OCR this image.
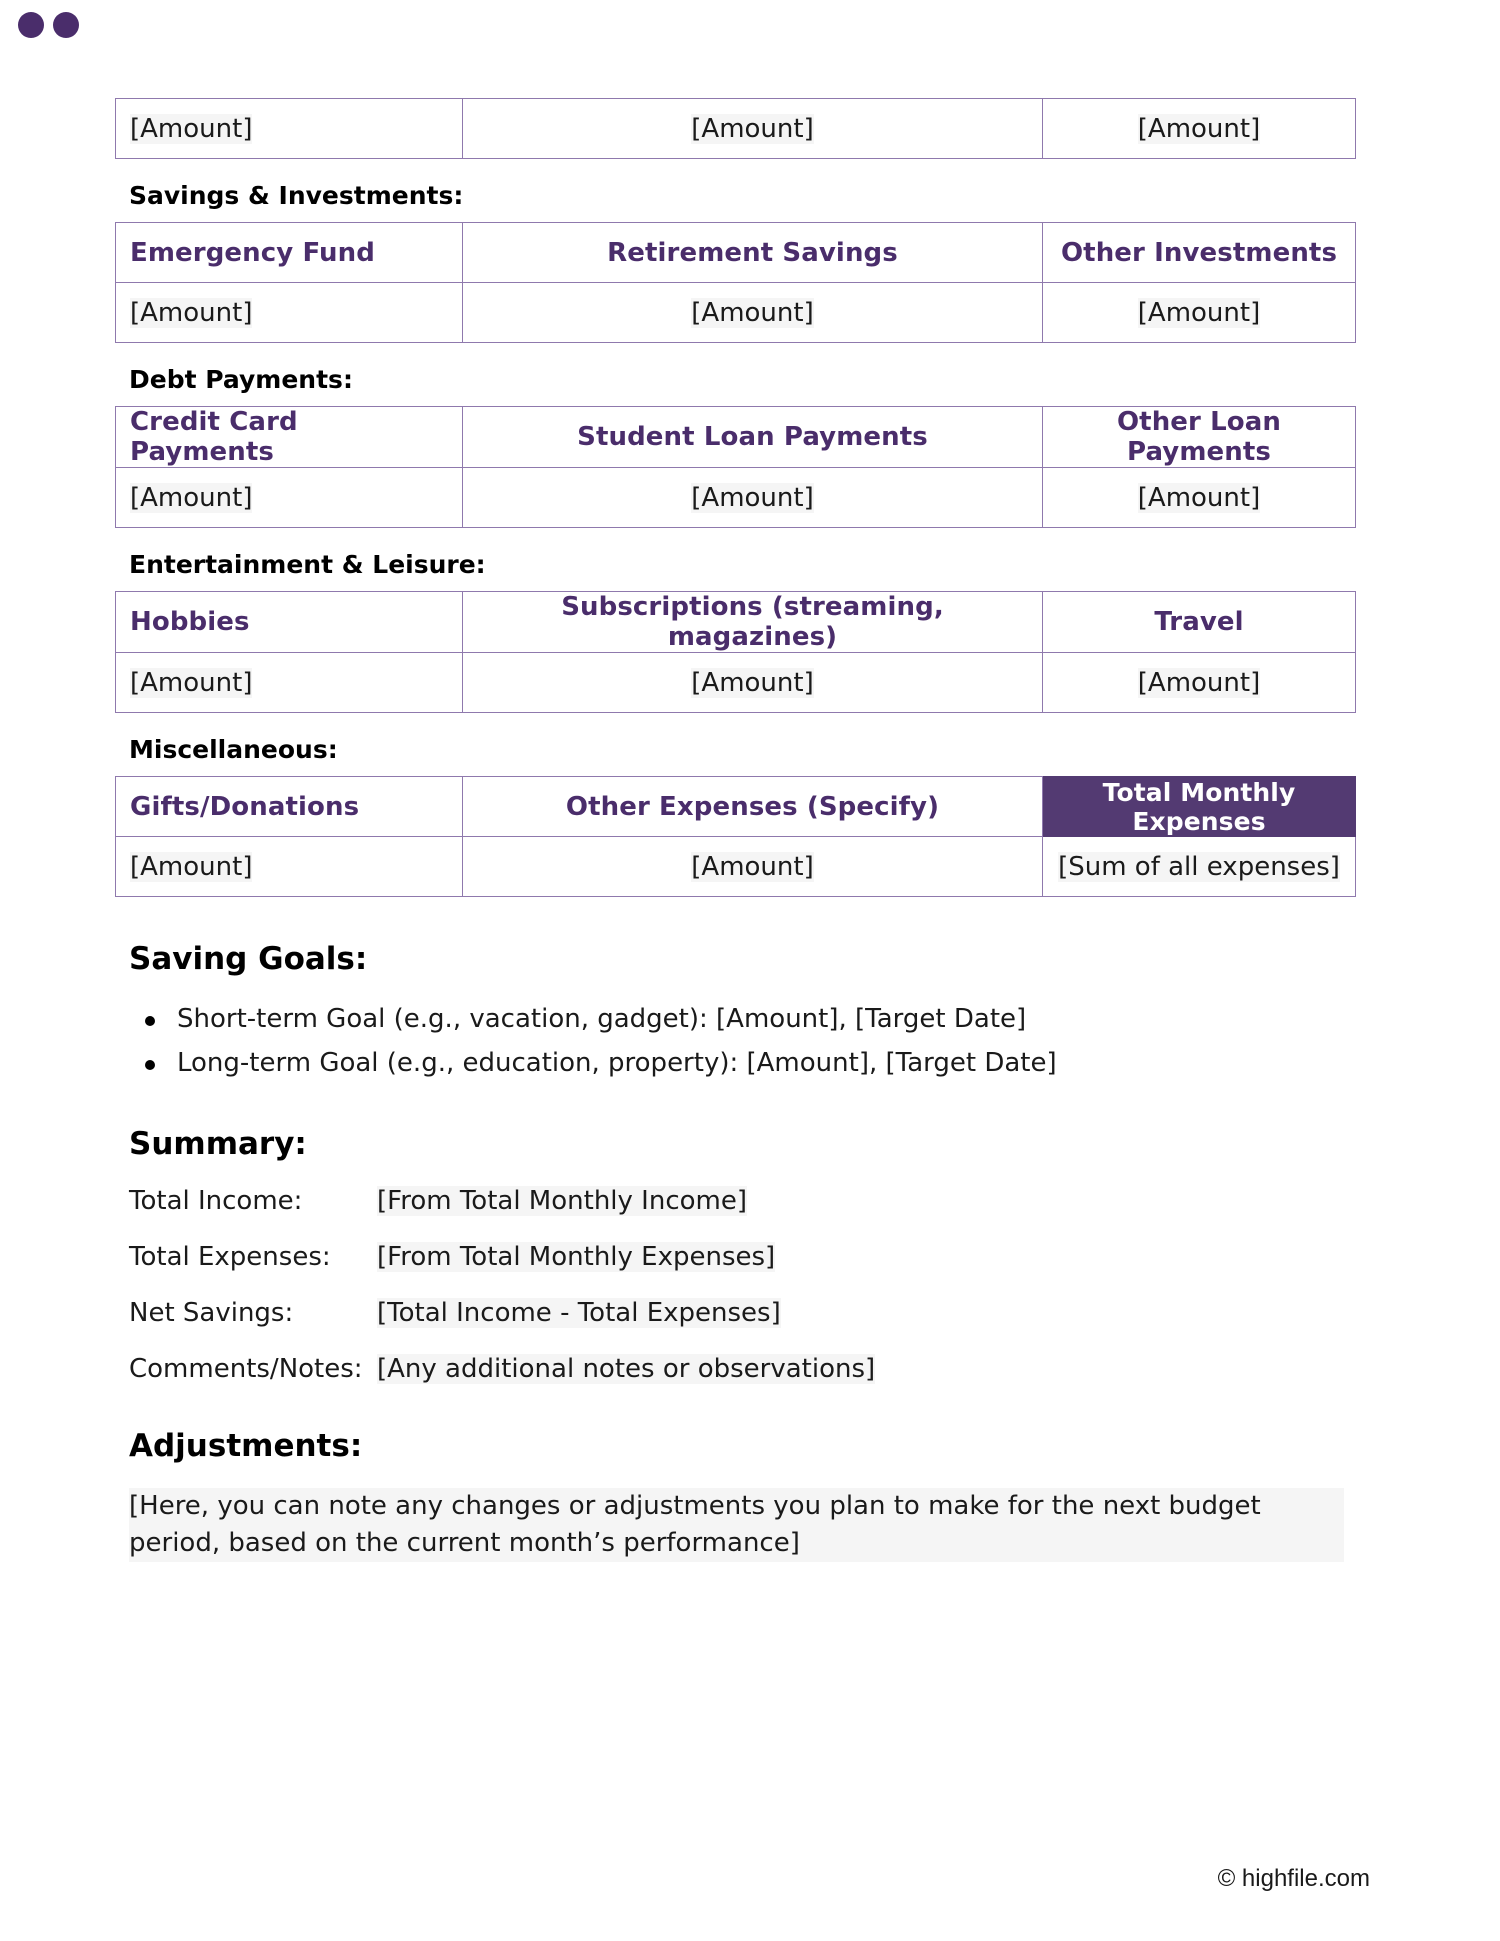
[Amount]	[Amount]	[Amount]
Savings & Investments:
Emergency Fund	Retirement Savings	Other Investments
[Amount]	[Amount]	[Amount]
Debt Payments:
Credit Card Payments	Student Loan Payments	Other Loan Payments
[Amount]	[Amount]	[Amount]
Entertainment & Leisure:
Hobbies	Subscriptions (streaming, magazines)	Travel
[Amount]	[Amount]	[Amount]
Miscellaneous:
Gifts/Donations	Other Expenses (Specify)	Total Monthly Expenses
[Amount]	[Amount]	[Sum of all expenses]
Saving Goals:
Short-term Goal (e.g., vacation, gadget): [Amount], [Target Date]
Long-term Goal (e.g., education, property): [Amount], [Target Date]
Summary:
Total Income:	[From Total Monthly Income]
Total Expenses:	[From Total Monthly Expenses]
Net Savings:	[Total Income - Total Expenses]
Comments/Notes: [Any additional notes or observations]
Adjustments:

[Here, you can note any changes or adjustments you plan to make for the next budget period, based on the current month’s performance]

© highfile.com
